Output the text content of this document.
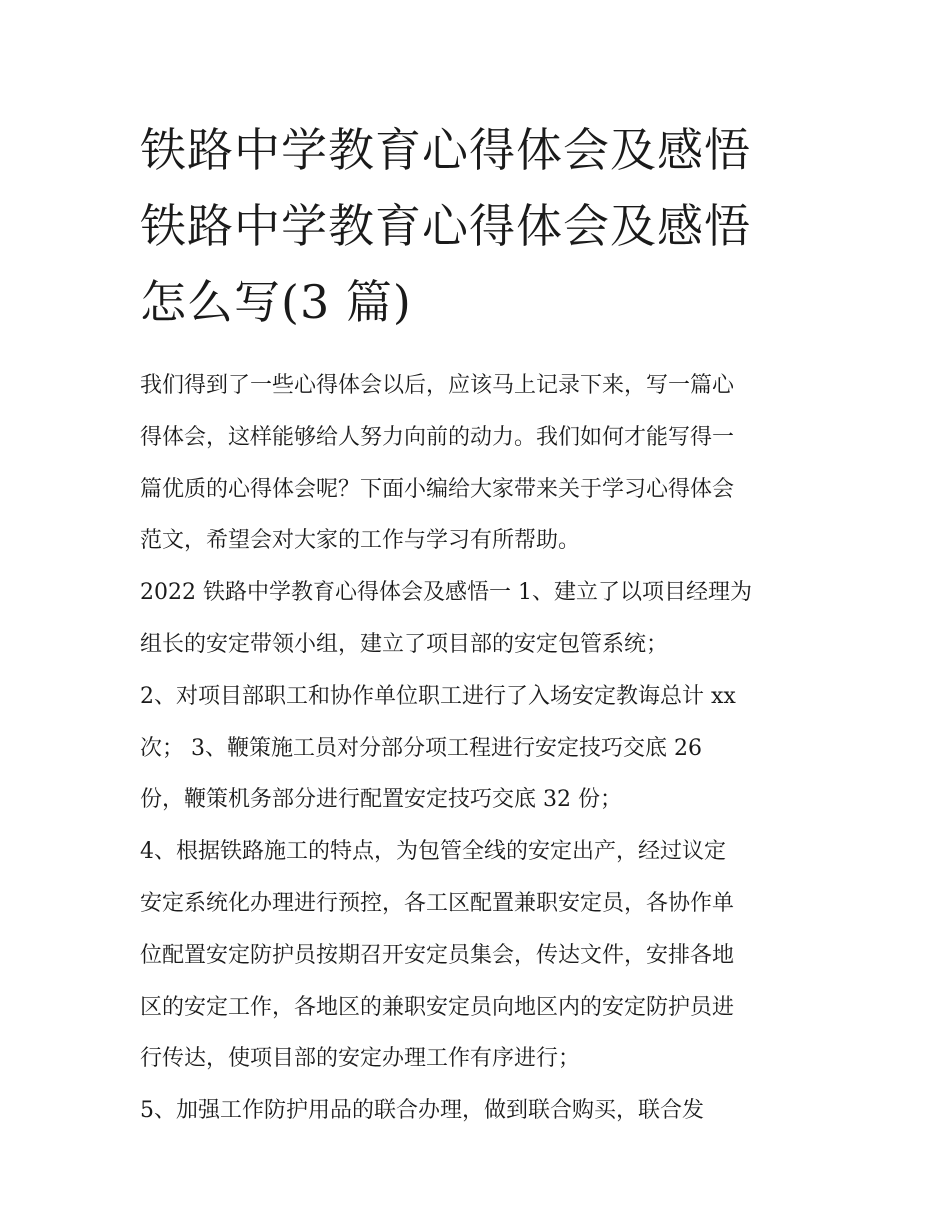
铁路中学教育心得体会及感悟
铁路中学教育心得体会及感悟
怎么写(3 篇)
我们得到了一些心得体会以后，应该马上记录下来，写一篇心
得体会，这样能够给人努力向前的动力。我们如何才能写得一
篇优质的心得体会呢？下面小编给大家带来关于学习心得体会
范文，希望会对大家的工作与学习有所帮助。
2022 铁路中学教育心得体会及感悟一 1、建立了以项目经理为
组长的安定带领小组，建立了项目部的安定包管系统；
2、对项目部职工和协作单位职工进行了入场安定教诲总计 xx
次； 3、鞭策施工员对分部分项工程进行安定技巧交底 26
份，鞭策机务部分进行配置安定技巧交底 32 份；
4、根据铁路施工的特点，为包管全线的安定出产，经过议定
安定系统化办理进行预控，各工区配置兼职安定员，各协作单
位配置安定防护员按期召开安定员集会，传达文件，安排各地
区的安定工作，各地区的兼职安定员向地区内的安定防护员进
行传达，使项目部的安定办理工作有序进行；
5、加强工作防护用品的联合办理，做到联合购买，联合发
